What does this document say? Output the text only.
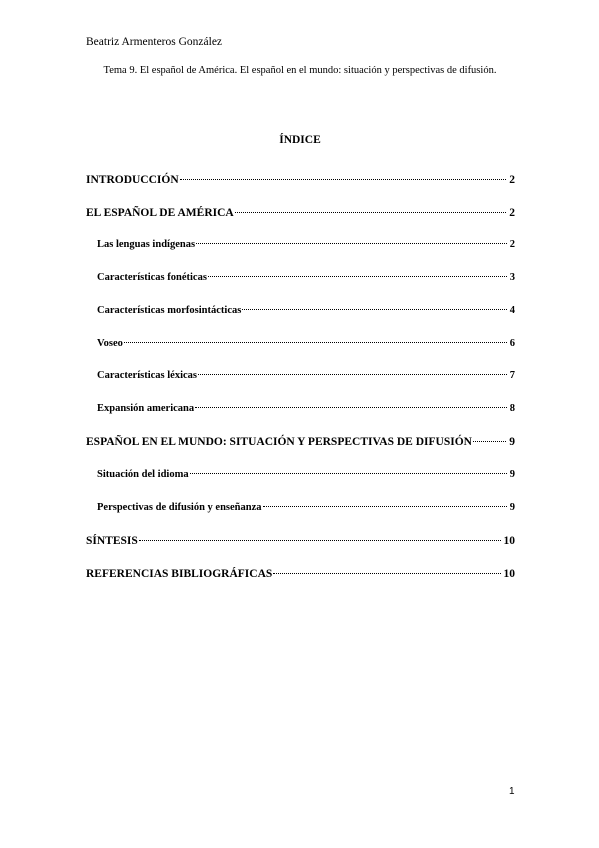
Beatriz Armenteros González
Tema 9. El español de América. El español en el mundo: situación y perspectivas de difusión.
ÍNDICE
INTRODUCCIÓN	2
EL ESPAÑOL DE AMÉRICA	2
Las lenguas indígenas	2
Características fonéticas	3
Características morfosintácticas	4
Voseo	6
Características léxicas	7
Expansión americana	8
ESPAÑOL EN EL MUNDO: SITUACIÓN Y PERSPECTIVAS DE DIFUSIÓN	9
Situación del idioma	9
Perspectivas de difusión y enseñanza	9
SÍNTESIS	10
REFERENCIAS BIBLIOGRÁFICAS	10
1
